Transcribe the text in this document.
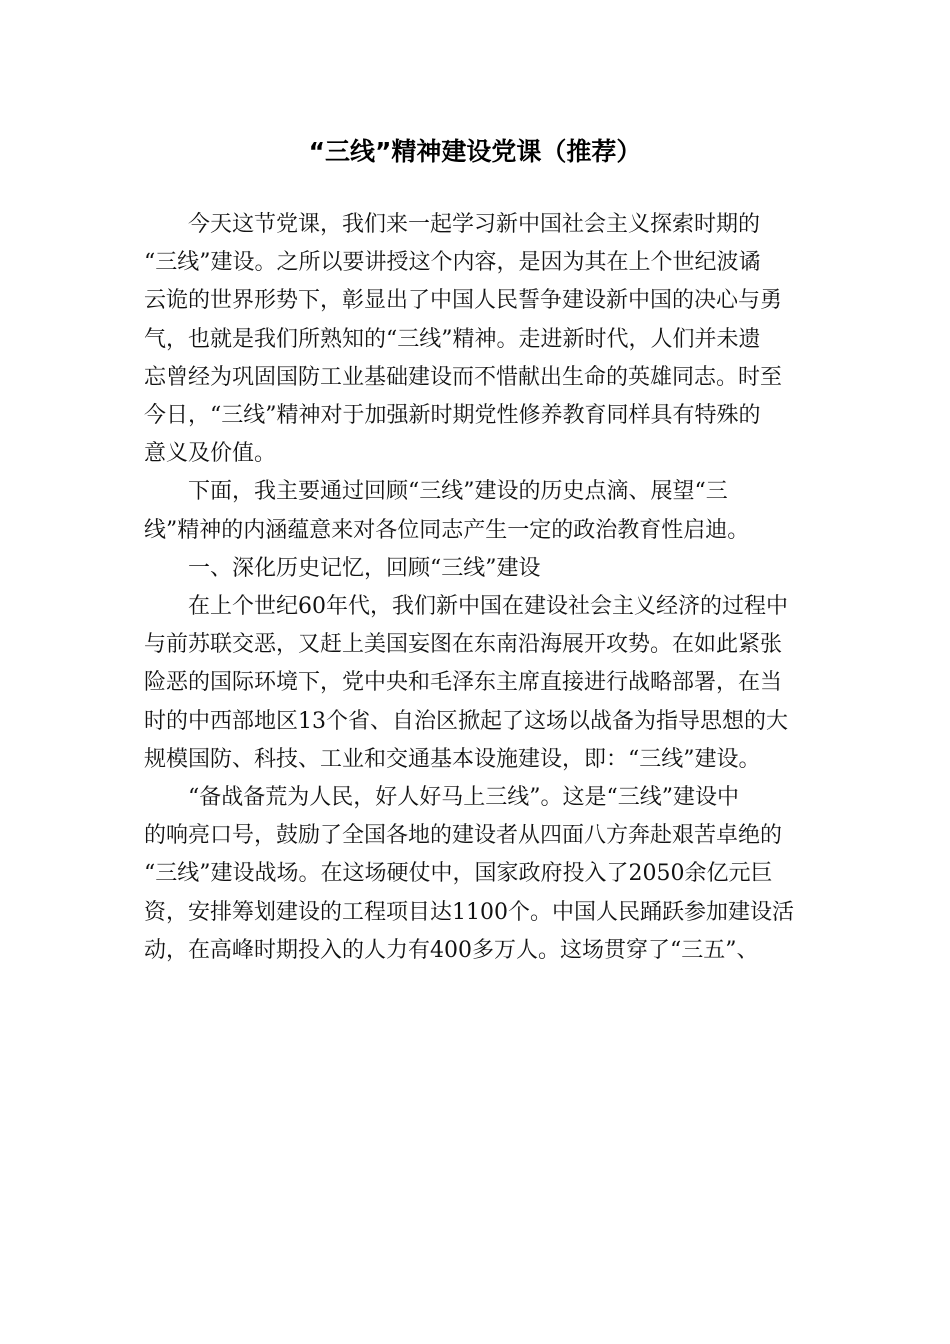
“三线”精神建设党课（推荐）
今天这节党课，我们来一起学习新中国社会主义探索时期的
“三线”建设。之所以要讲授这个内容，是因为其在上个世纪波谲
云诡的世界形势下，彰显出了中国人民誓争建设新中国的决心与勇
气，也就是我们所熟知的“三线”精神。走进新时代，人们并未遗
忘曾经为巩固国防工业基础建设而不惜献出生命的英雄同志。时至
今日，“三线”精神对于加强新时期党性修养教育同样具有特殊的
意义及价值。
下面，我主要通过回顾“三线”建设的历史点滴、展望“三
线”精神的内涵蕴意来对各位同志产生一定的政治教育性启迪。
一、深化历史记忆，回顾“三线”建设
在上个世纪60年代，我们新中国在建设社会主义经济的过程中
与前苏联交恶，又赶上美国妄图在东南沿海展开攻势。在如此紧张
险恶的国际环境下，党中央和毛泽东主席直接进行战略部署，在当
时的中西部地区13个省、自治区掀起了这场以战备为指导思想的大
规模国防、科技、工业和交通基本设施建设，即：“三线”建设。
“备战备荒为人民，好人好马上三线”。这是“三线”建设中
的响亮口号，鼓励了全国各地的建设者从四面八方奔赴艰苦卓绝的
“三线”建设战场。在这场硬仗中，国家政府投入了2050余亿元巨
资，安排筹划建设的工程项目达1100个。中国人民踊跃参加建设活
动，在高峰时期投入的人力有400多万人。这场贯穿了“三五”、
